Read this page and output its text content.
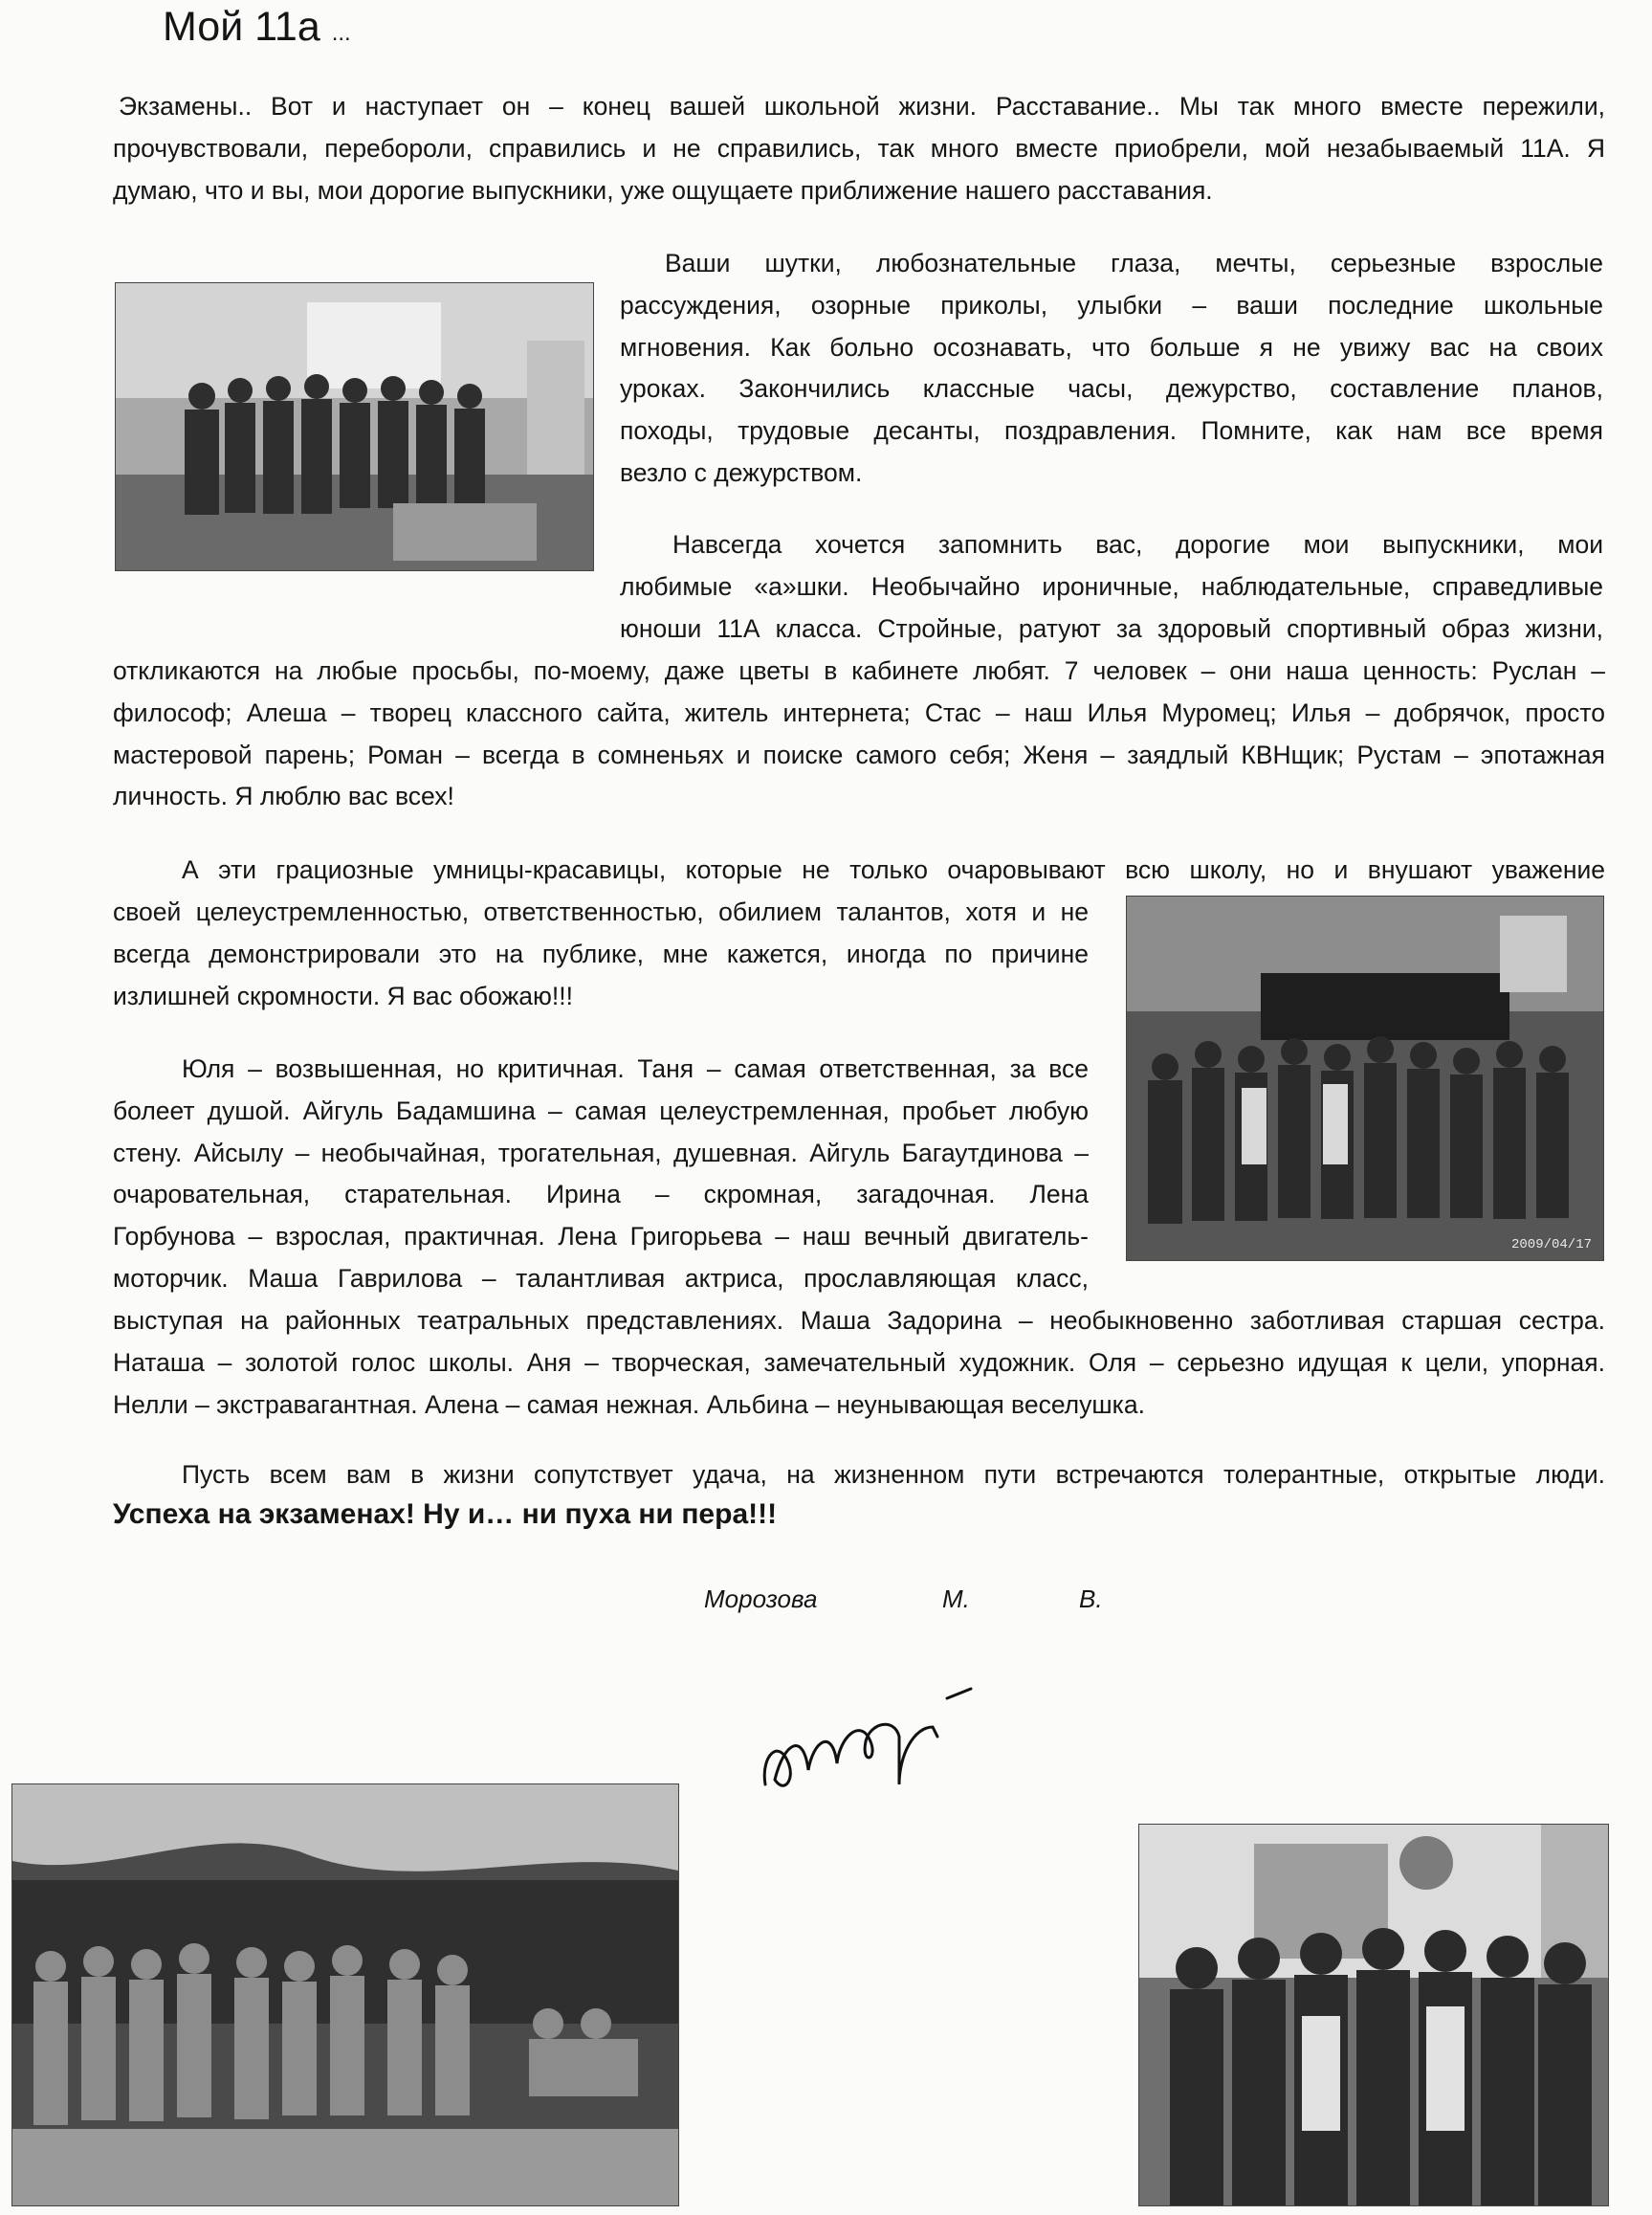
Мой 11а ...
Экзамены.. Вот и наступает он – конец вашей школьной жизни. Расставание.. Мы так много вместе пережили,
прочувствовали, перебороли, справились и не справились, так много вместе приобрели, мой незабываемый 11А. Я
думаю, что и вы, мои дорогие выпускники, уже ощущаете приближение нашего расставания.
Ваши шутки, любознательные глаза, мечты, серьезные взрослые
рассуждения, озорные приколы, улыбки – ваши последние школьные
мгновения. Как больно осознавать, что больше я не увижу вас на своих
уроках. Закончились классные часы, дежурство, составление планов,
походы, трудовые десанты, поздравления. Помните, как нам все время
везло с дежурством.
Навсегда хочется запомнить вас, дорогие мои выпускники, мои
любимые «а»шки. Необычайно ироничные, наблюдательные, справедливые
юноши 11А класса. Стройные, ратуют за здоровый спортивный образ жизни,
откликаются на любые просьбы, по-моему, даже цветы в кабинете любят. 7 человек – они наша ценность: Руслан –
философ; Алеша – творец классного сайта, житель интернета; Стас – наш Илья Муромец; Илья – добрячок, просто
мастеровой парень; Роман – всегда в сомненьях и поиске самого себя; Женя – заядлый КВНщик; Рустам – эпотажная
личность. Я люблю вас всех!
А эти грациозные умницы-красавицы, которые не только очаровывают всю школу, но и внушают уважение
своей целеустремленностью, ответственностью, обилием талантов, хотя и не
всегда демонстрировали это на публике, мне кажется, иногда по причине
излишней скромности. Я вас обожаю!!!
2009/04/17
Юля – возвышенная, но критичная. Таня – самая ответственная, за все
болеет душой. Айгуль Бадамшина – самая целеустремленная, пробьет любую
стену. Айсылу – необычайная, трогательная, душевная. Айгуль Багаутдинова –
очаровательная, старательная. Ирина – скромная, загадочная. Лена
Горбунова – взрослая, практичная. Лена Григорьева – наш вечный двигатель-
моторчик. Маша Гаврилова – талантливая актриса, прославляющая класс,
выступая на районных театральных представлениях. Маша Задорина – необыкновенно заботливая старшая сестра.
Наташа – золотой голос школы. Аня – творческая, замечательный художник. Оля – серьезно идущая к цели, упорная.
Нелли – экстравагантная. Алена – самая нежная. Альбина – неунывающая веселушка.
Пусть всем вам в жизни сопутствует удача, на жизненном пути встречаются толерантные, открытые люди.
Успеха на экзаменах! Ну и… ни пуха ни пера!!!
Морозова	М.	В.
